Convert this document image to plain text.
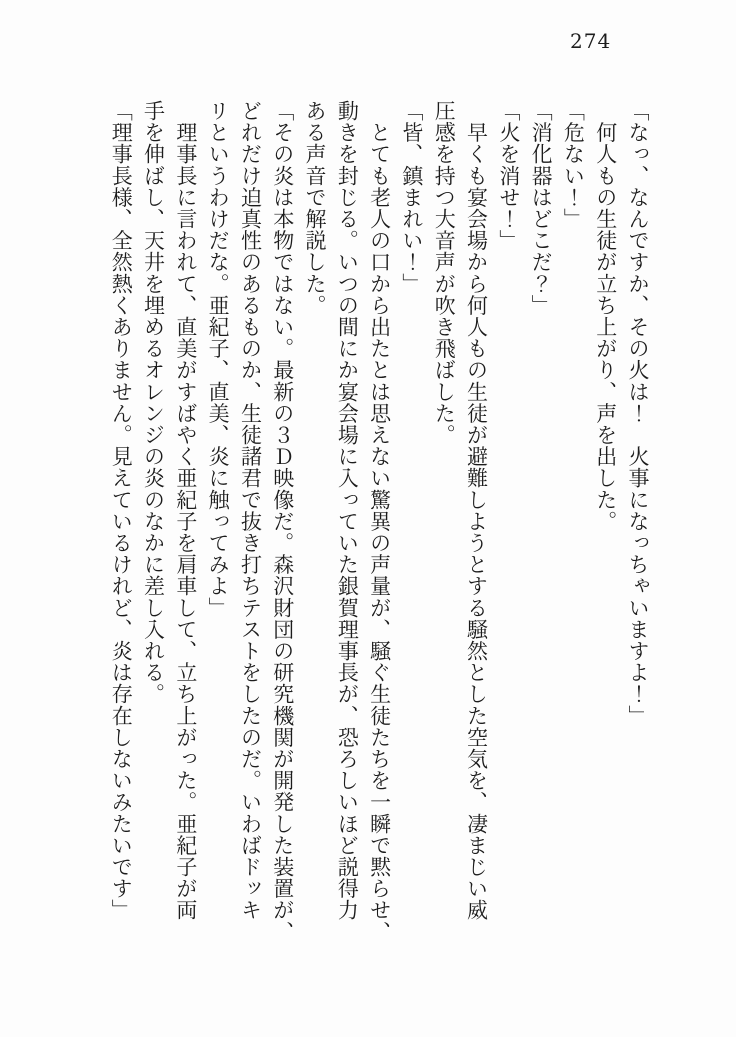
274

「なっ、なんですか、その火は！　火事になっちゃいますよ！」

　何人もの生徒が立ち上がり、声を出した。

「危ない！」

「消化器はどこだ？」

「火を消せ！」

　早くも宴会場から何人もの生徒が避難しようとする騒然とした空気を、凄まじい威

圧感を持つ大音声が吹き飛ばした。

「皆、鎮まれい！」

　とても老人の口から出たとは思えない驚異の声量が、騒ぐ生徒たちを一瞬で黙らせ、

動きを封じる。いつの間にか宴会場に入っていた銀賀理事長が、恐ろしいほど説得力

ある声音で解説した。

「その炎は本物ではない。最新の３Ｄ映像だ。森沢財団の研究機関が開発した装置が、

どれだけ迫真性のあるものか、生徒諸君で抜き打ちテストをしたのだ。いわばドッキ

リというわけだな。亜紀子、直美、炎に触ってみよ」

　理事長に言われて、直美がすばやく亜紀子を肩車して、立ち上がった。亜紀子が両

手を伸ばし、天井を埋めるオレンジの炎のなかに差し入れる。

「理事長様、全然熱くありません。見えているけれど、炎は存在しないみたいです」
